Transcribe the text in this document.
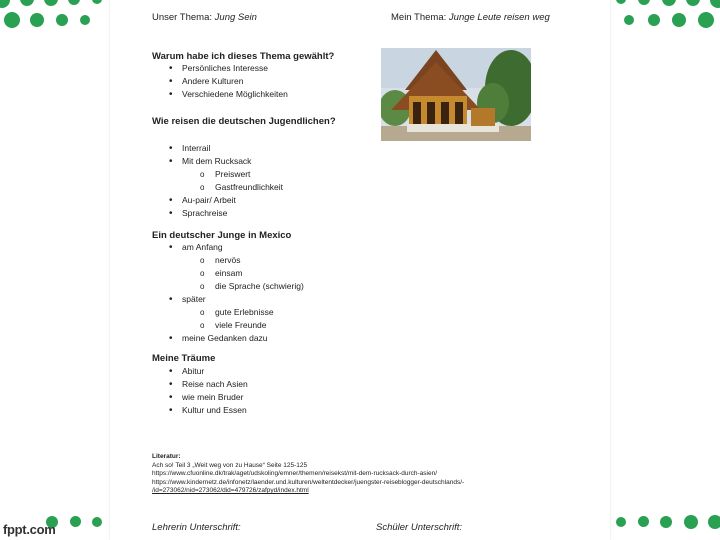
fppt.com
Unser Thema: Jung Sein	Mein Thema: Junge Leute reisen weg
Warum habe ich dieses Thema gewählt?
• Persönliches Interesse
• Andere Kulturen
• Verschiedene Möglichkeiten
Wie reisen die deutschen Jugendlichen?
• Interrail
• Mit dem Rucksack
o Preiswert
o Gastfreundlichkeit
• Au-pair/ Arbeit
• Sprachreise
Ein deutscher Junge in Mexico
• am Anfang
o nervös
o einsam
o die Sprache (schwierig)
• später
o gute Erlebnisse
o viele Freunde
• meine Gedanken dazu
Meine Träume
• Abitur
• Reise nach Asien
• wie mein Bruder
• Kultur und Essen
Literatur:
Ach so! Teil 3 „Weit weg von zu Hause“ Seite 125-125
https://www.cfuonline.dk/trak/aget/udskoling/emner/themen/reisekst/mit-dem-rucksack-durch-asien/
https://www.kindernetz.de/infonetz/laender.und.kulturen/weltentdecker/juengster-reiseblogger-deutschlands/-
/id=273062/nid=273062/did=479726/zafpyd/index.html
Lehrerin Unterschrift:	Schüler Unterschrift:
